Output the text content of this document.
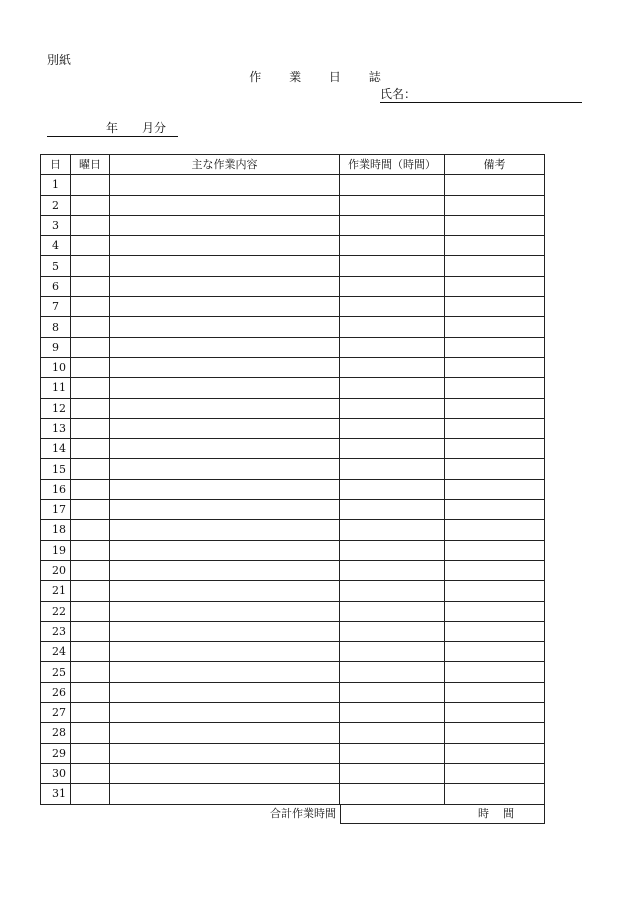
別紙
作 業 日 誌
氏名：
年 月分
日	曜日	主な作業内容	作業時間（時間）	備考
1				
2				
3				
4				
5				
6				
7				
8				
9				
10				
11				
12				
13				
14				
15				
16				
17				
18				
19				
20				
21				
22				
23				
24				
25				
26				
27				
28				
29				
30				
31				
合計作業時間	時間
